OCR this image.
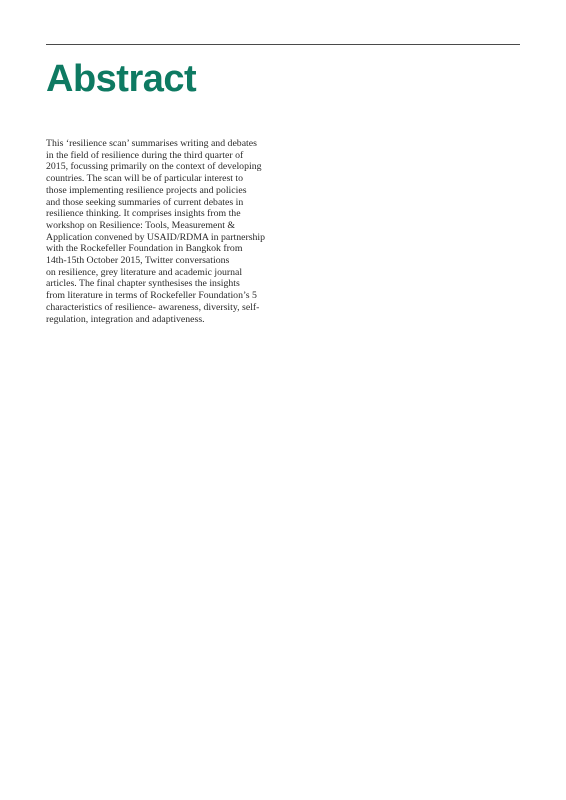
Abstract

This ‘resilience scan’ summarises writing and debates
in the field of resilience during the third quarter of
2015, focussing primarily on the context of developing
countries. The scan will be of particular interest to
those implementing resilience projects and policies
and those seeking summaries of current debates in
resilience thinking. It comprises insights from the
workshop on Resilience: Tools, Measurement &
Application convened by USAID/RDMA in partnership
with the Rockefeller Foundation in Bangkok from
14th-15th October 2015, Twitter conversations
on resilience, grey literature and academic journal
articles. The final chapter synthesises the insights
from literature in terms of Rockefeller Foundation’s 5
characteristics of resilience- awareness, diversity, self-
regulation, integration and adaptiveness.
